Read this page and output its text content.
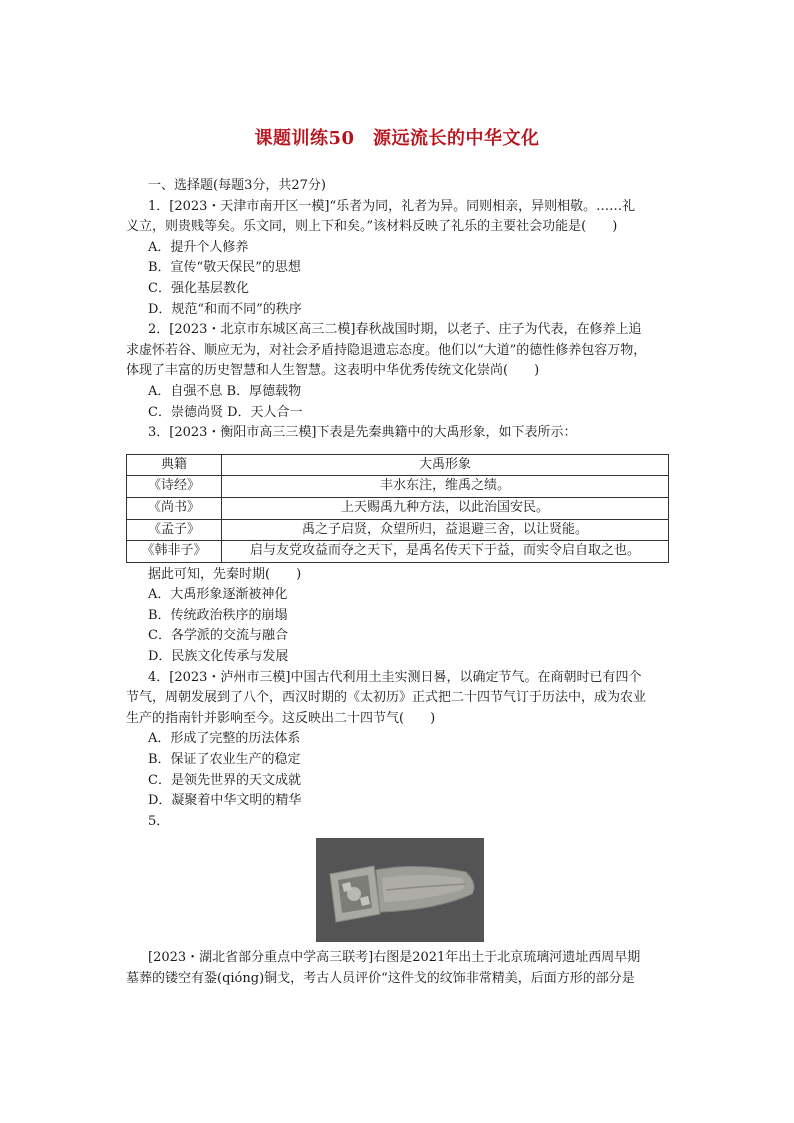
课题训练50　源远流长的中华文化

一、选择题(每题3分，共27分)

1．[2023・天津市南开区一模]“乐者为同，礼者为异。同则相亲，异则相敬。……礼

义立，则贵贱等矣。乐文同，则上下和矣。”该材料反映了礼乐的主要社会功能是(　　)

A．提升个人修养

B．宣传“敬天保民”的思想

C．强化基层教化

D．规范“和而不同”的秩序

2．[2023・北京市东城区高三二模]春秋战国时期，以老子、庄子为代表，在修养上追

求虚怀若谷、顺应无为，对社会矛盾持隐退遗忘态度。他们以“大道”的德性修养包容万物，

体现了丰富的历史智慧和人生智慧。这表明中华优秀传统文化崇尚(　　)

A．自强不息 B．厚德载物

C．崇德尚贤 D．天人合一

3．[2023・衡阳市高三三模]下表是先秦典籍中的大禹形象，如下表所示：

典籍	大禹形象
《诗经》	丰水东注，维禹之绩。
《尚书》	上天赐禹九种方法，以此治国安民。
《孟子》	禹之子启贤，众望所归，益退避三舍，以让贤能。
《韩非子》	启与友党攻益而夺之天下，是禹名传天下于益，而实令启自取之也。

据此可知，先秦时期(　　)

A．大禹形象逐渐被神化

B．传统政治秩序的崩塌

C．各学派的交流与融合

D．民族文化传承与发展

4．[2023・泸州市三模]中国古代利用土圭实测日晷，以确定节气。在商朝时已有四个

节气，周朝发展到了八个，西汉时期的《太初历》正式把二十四节气订于历法中，成为农业

生产的指南针并影响至今。这反映出二十四节气(　　)

A．形成了完整的历法体系

B．保证了农业生产的稳定

C．是领先世界的天文成就

D．凝聚着中华文明的精华

5．

[2023・湖北省部分重点中学高三联考]右图是2021年出土于北京琉璃河遗址西周早期

墓葬的镂空有銎(qióng)铜戈，考古人员评价“这件戈的纹饰非常精美，后面方形的部分是
